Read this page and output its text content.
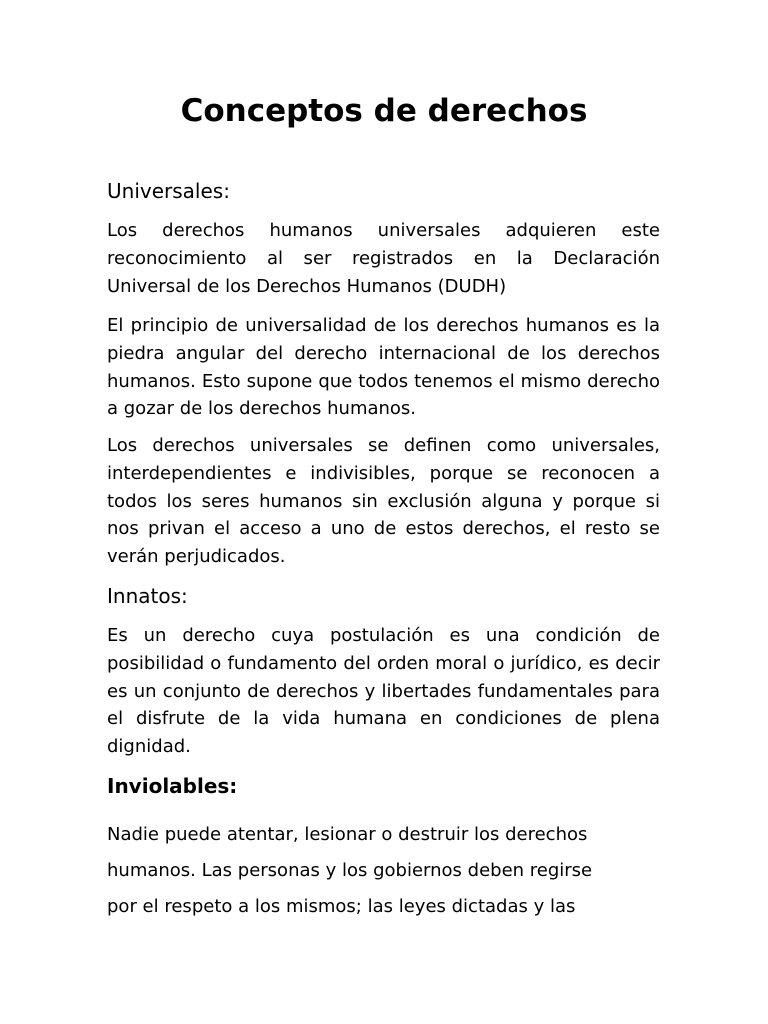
Conceptos de derechos
Universales:

Los derechos humanos universales adquieren este reconocimiento al ser registrados en la Declaración Universal de los Derechos Humanos (DUDH)

El principio de universalidad de los derechos humanos es la piedra angular del derecho internacional de los derechos humanos. Esto supone que todos tenemos el mismo derecho a gozar de los derechos humanos.

Los derechos universales se definen como universales, interdependientes e indivisibles, porque se reconocen a todos los seres humanos sin exclusión alguna y porque si nos privan el acceso a uno de estos derechos, el resto se verán perjudicados.

Innatos:

Es un derecho cuya postulación es una condición de posibilidad o fundamento del orden moral o jurídico, es decir es un conjunto de derechos y libertades fundamentales para el disfrute de la vida humana en condiciones de plena dignidad.

Inviolables:
Nadie puede atentar, lesionar o destruir los derechos
humanos. Las personas y los gobiernos deben regirse
por el respeto a los mismos; las leyes dictadas y las
